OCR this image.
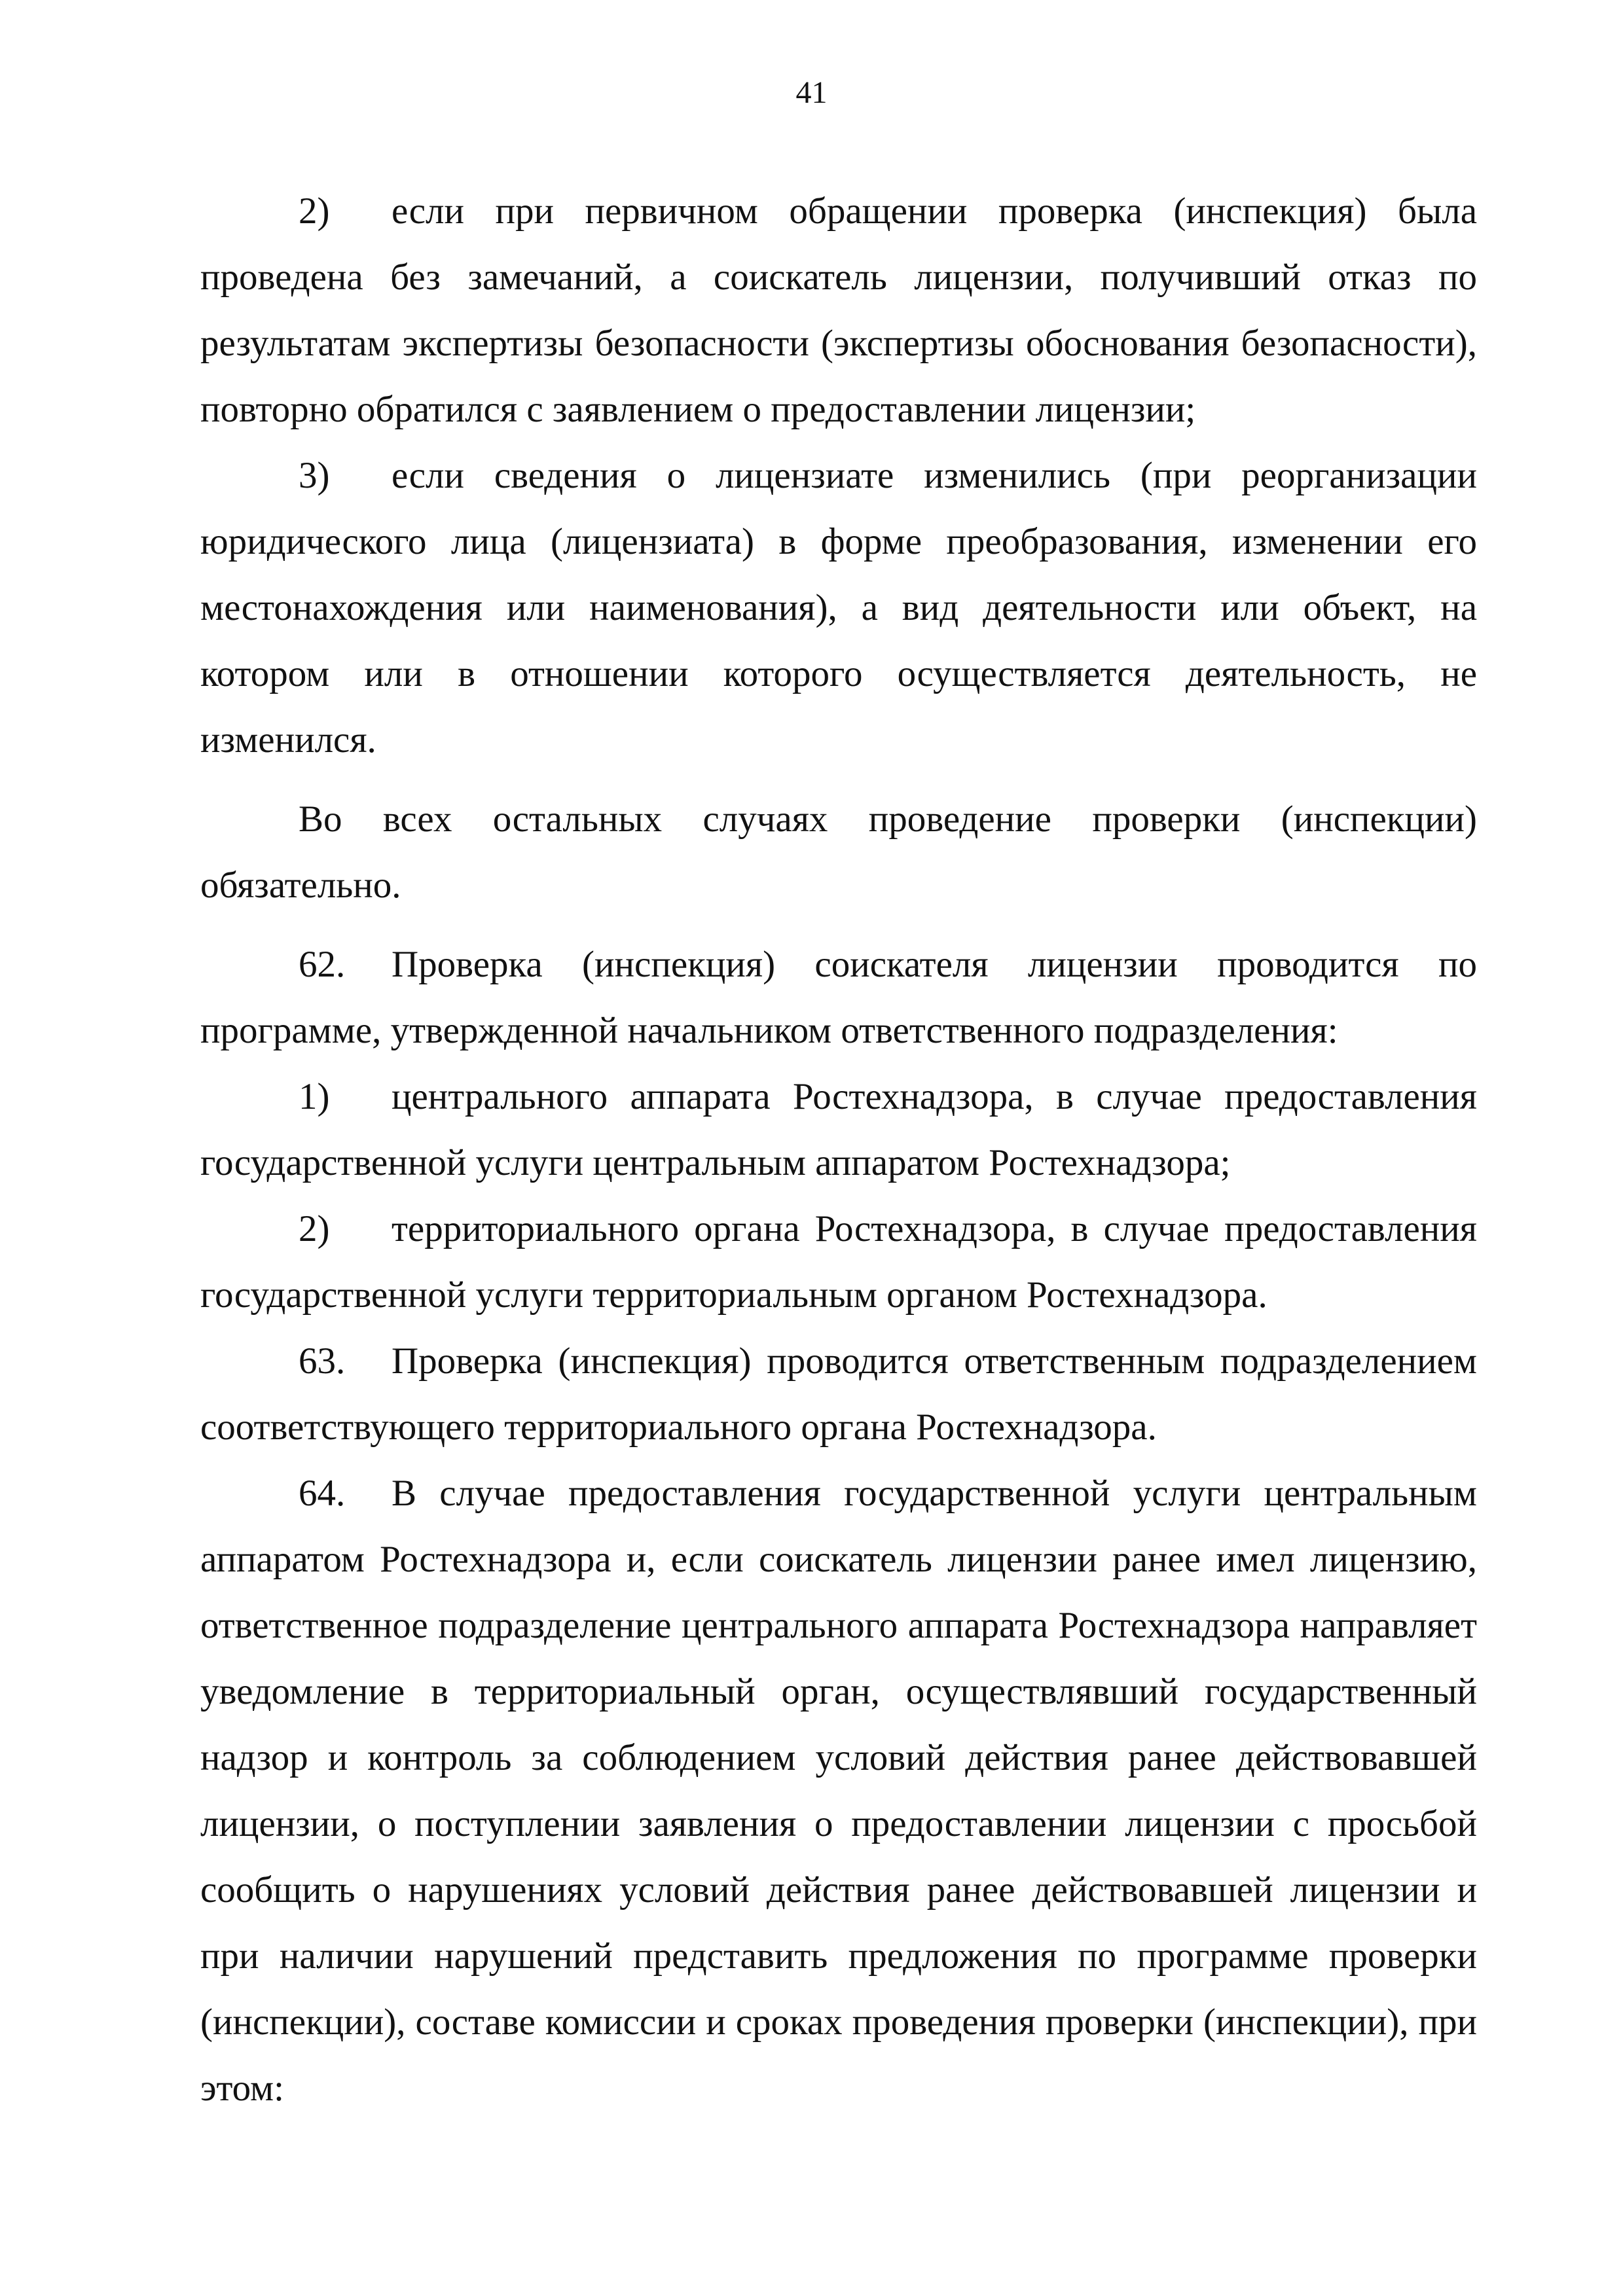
41

2) если при первичном обращении проверка (инспекция) была проведена без замечаний, а соискатель лицензии, получивший отказ по результатам экспертизы безопасности (экспертизы обоснования безопасности), повторно обратился с заявлением о предоставлении лицензии;

3) если сведения о лицензиате изменились (при реорганизации юридического лица (лицензиата) в форме преобразования, изменении его местонахождения или наименования), а вид деятельности или объект, на котором или в отношении которого осуществляется деятельность, не изменился.

Во всех остальных случаях проведение проверки (инспекции) обязательно.

62. Проверка (инспекция) соискателя лицензии проводится по программе, утвержденной начальником ответственного подразделения:

1) центрального аппарата Ростехнадзора, в случае предоставления государственной услуги центральным аппаратом Ростехнадзора;

2) территориального органа Ростехнадзора, в случае предоставления государственной услуги территориальным органом Ростехнадзора.

63. Проверка (инспекция) проводится ответственным подразделением соответствующего территориального органа Ростехнадзора.

64. В случае предоставления государственной услуги центральным аппаратом Ростехнадзора и, если соискатель лицензии ранее имел лицензию, ответственное подразделение центрального аппарата Ростехнадзора направляет уведомление в территориальный орган, осуществлявший государственный надзор и контроль за соблюдением условий действия ранее действовавшей лицензии, о поступлении заявления о предоставлении лицензии с просьбой сообщить о нарушениях условий действия ранее действовавшей лицензии и при наличии нарушений представить предложения по программе проверки (инспекции), составе комиссии и сроках проведения проверки (инспекции), при этом:
